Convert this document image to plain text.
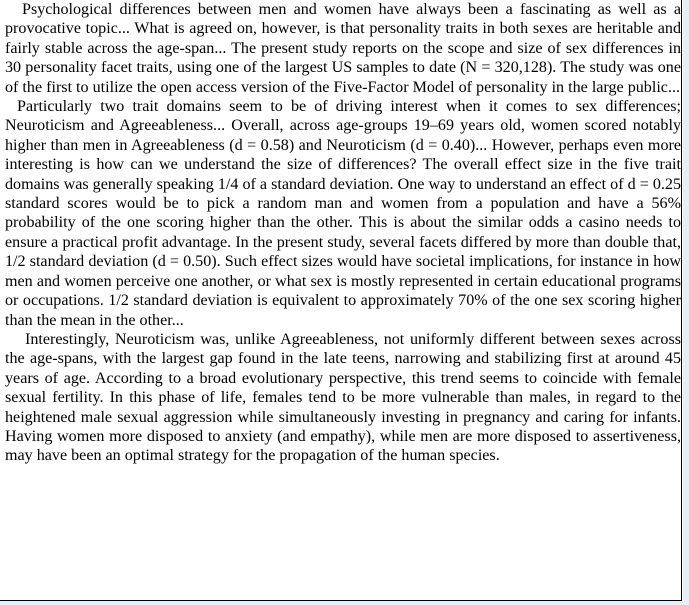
Psychological differences between men and women have always been a fascinating as well as a provocative topic... What is agreed on, however, is that personality traits in both sexes are heritable and fairly stable across the age-span... The present study reports on the scope and size of sex differences in 30 personality facet traits, using one of the largest US samples to date (N = 320,128). The study was one of the first to utilize the open access version of the Five-Factor Model of personality in the large public...

Particularly two trait domains seem to be of driving interest when it comes to sex differences; Neuroticism and Agreeableness... Overall, across age-groups 19–69 years old, women scored notably higher than men in Agreeableness (d = 0.58) and Neuroticism (d = 0.40)... However, perhaps even more interesting is how can we understand the size of differences? The overall effect size in the five trait domains was generally speaking 1/4 of a standard deviation. One way to understand an effect of d = 0.25 standard scores would be to pick a random man and women from a population and have a 56% probability of the one scoring higher than the other. This is about the similar odds a casino needs to ensure a practical profit advantage. In the present study, several facets differed by more than double that, 1/2 standard deviation (d = 0.50). Such effect sizes would have societal implications, for instance in how men and women perceive one another, or what sex is mostly represented in certain educational programs or occupations. 1/2 standard deviation is equivalent to approximately 70% of the one sex scoring higher than the mean in the other...

Interestingly, Neuroticism was, unlike Agreeableness, not uniformly different between sexes across the age-spans, with the largest gap found in the late teens, narrowing and stabilizing first at around 45 years of age. According to a broad evolutionary perspective, this trend seems to coincide with female sexual fertility. In this phase of life, females tend to be more vulnerable than males, in regard to the heightened male sexual aggression while simultaneously investing in pregnancy and caring for infants. Having women more disposed to anxiety (and empathy), while men are more disposed to assertiveness, may have been an optimal strategy for the propagation of the human species.
